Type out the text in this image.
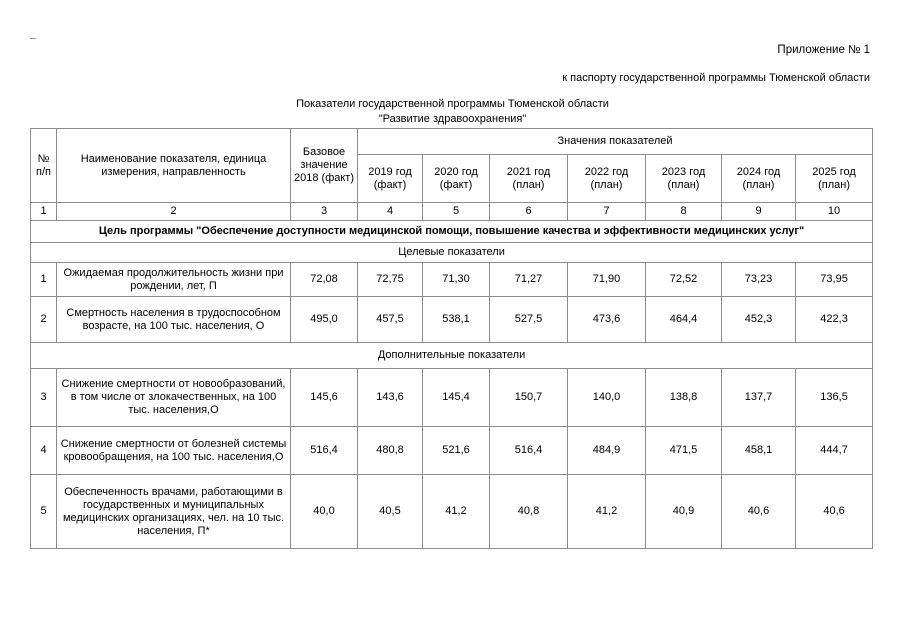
–
Приложение № 1
к паспорту государственной программы Тюменской области
Показатели государственной программы Тюменской области
"Развитие здравоохранения"
№ п/п	Наименование показателя, единица измерения, направленность	Базовое значение 2018 (факт)	Значения показателей						
			2019 год (факт)	2020 год (факт)	2021 год (план)	2022 год (план)	2023 год (план)	2024 год (план)	2025 год (план)
1	2	3	4	5	6	7	8	9	10
Цель программы "Обеспечение доступности медицинской помощи, повышение качества и эффективности медицинских услуг"									
Целевые показатели									
1	Ожидаемая продолжительность жизни при рождении, лет, П	72,08	72,75	71,30	71,27	71,90	72,52	73,23	73,95
2	Смертность населения в трудоспособном возрасте, на 100 тыс. населения, О	495,0	457,5	538,1	527,5	473,6	464,4	452,3	422,3
Дополнительные показатели									
3	Снижение смертности от новообразований, в том числе от злокачественных, на 100 тыс. населения,О	145,6	143,6	145,4	150,7	140,0	138,8	137,7	136,5
4	Снижение смертности от болезней системы кровообращения, на 100 тыс. населения,О	516,4	480,8	521,6	516,4	484,9	471,5	458,1	444,7
5	Обеспеченность врачами, работающими в государственных и муниципальных медицинских организациях, чел. на 10 тыс. населения, П*	40,0	40,5	41,2	40,8	41,2	40,9	40,6	40,6
